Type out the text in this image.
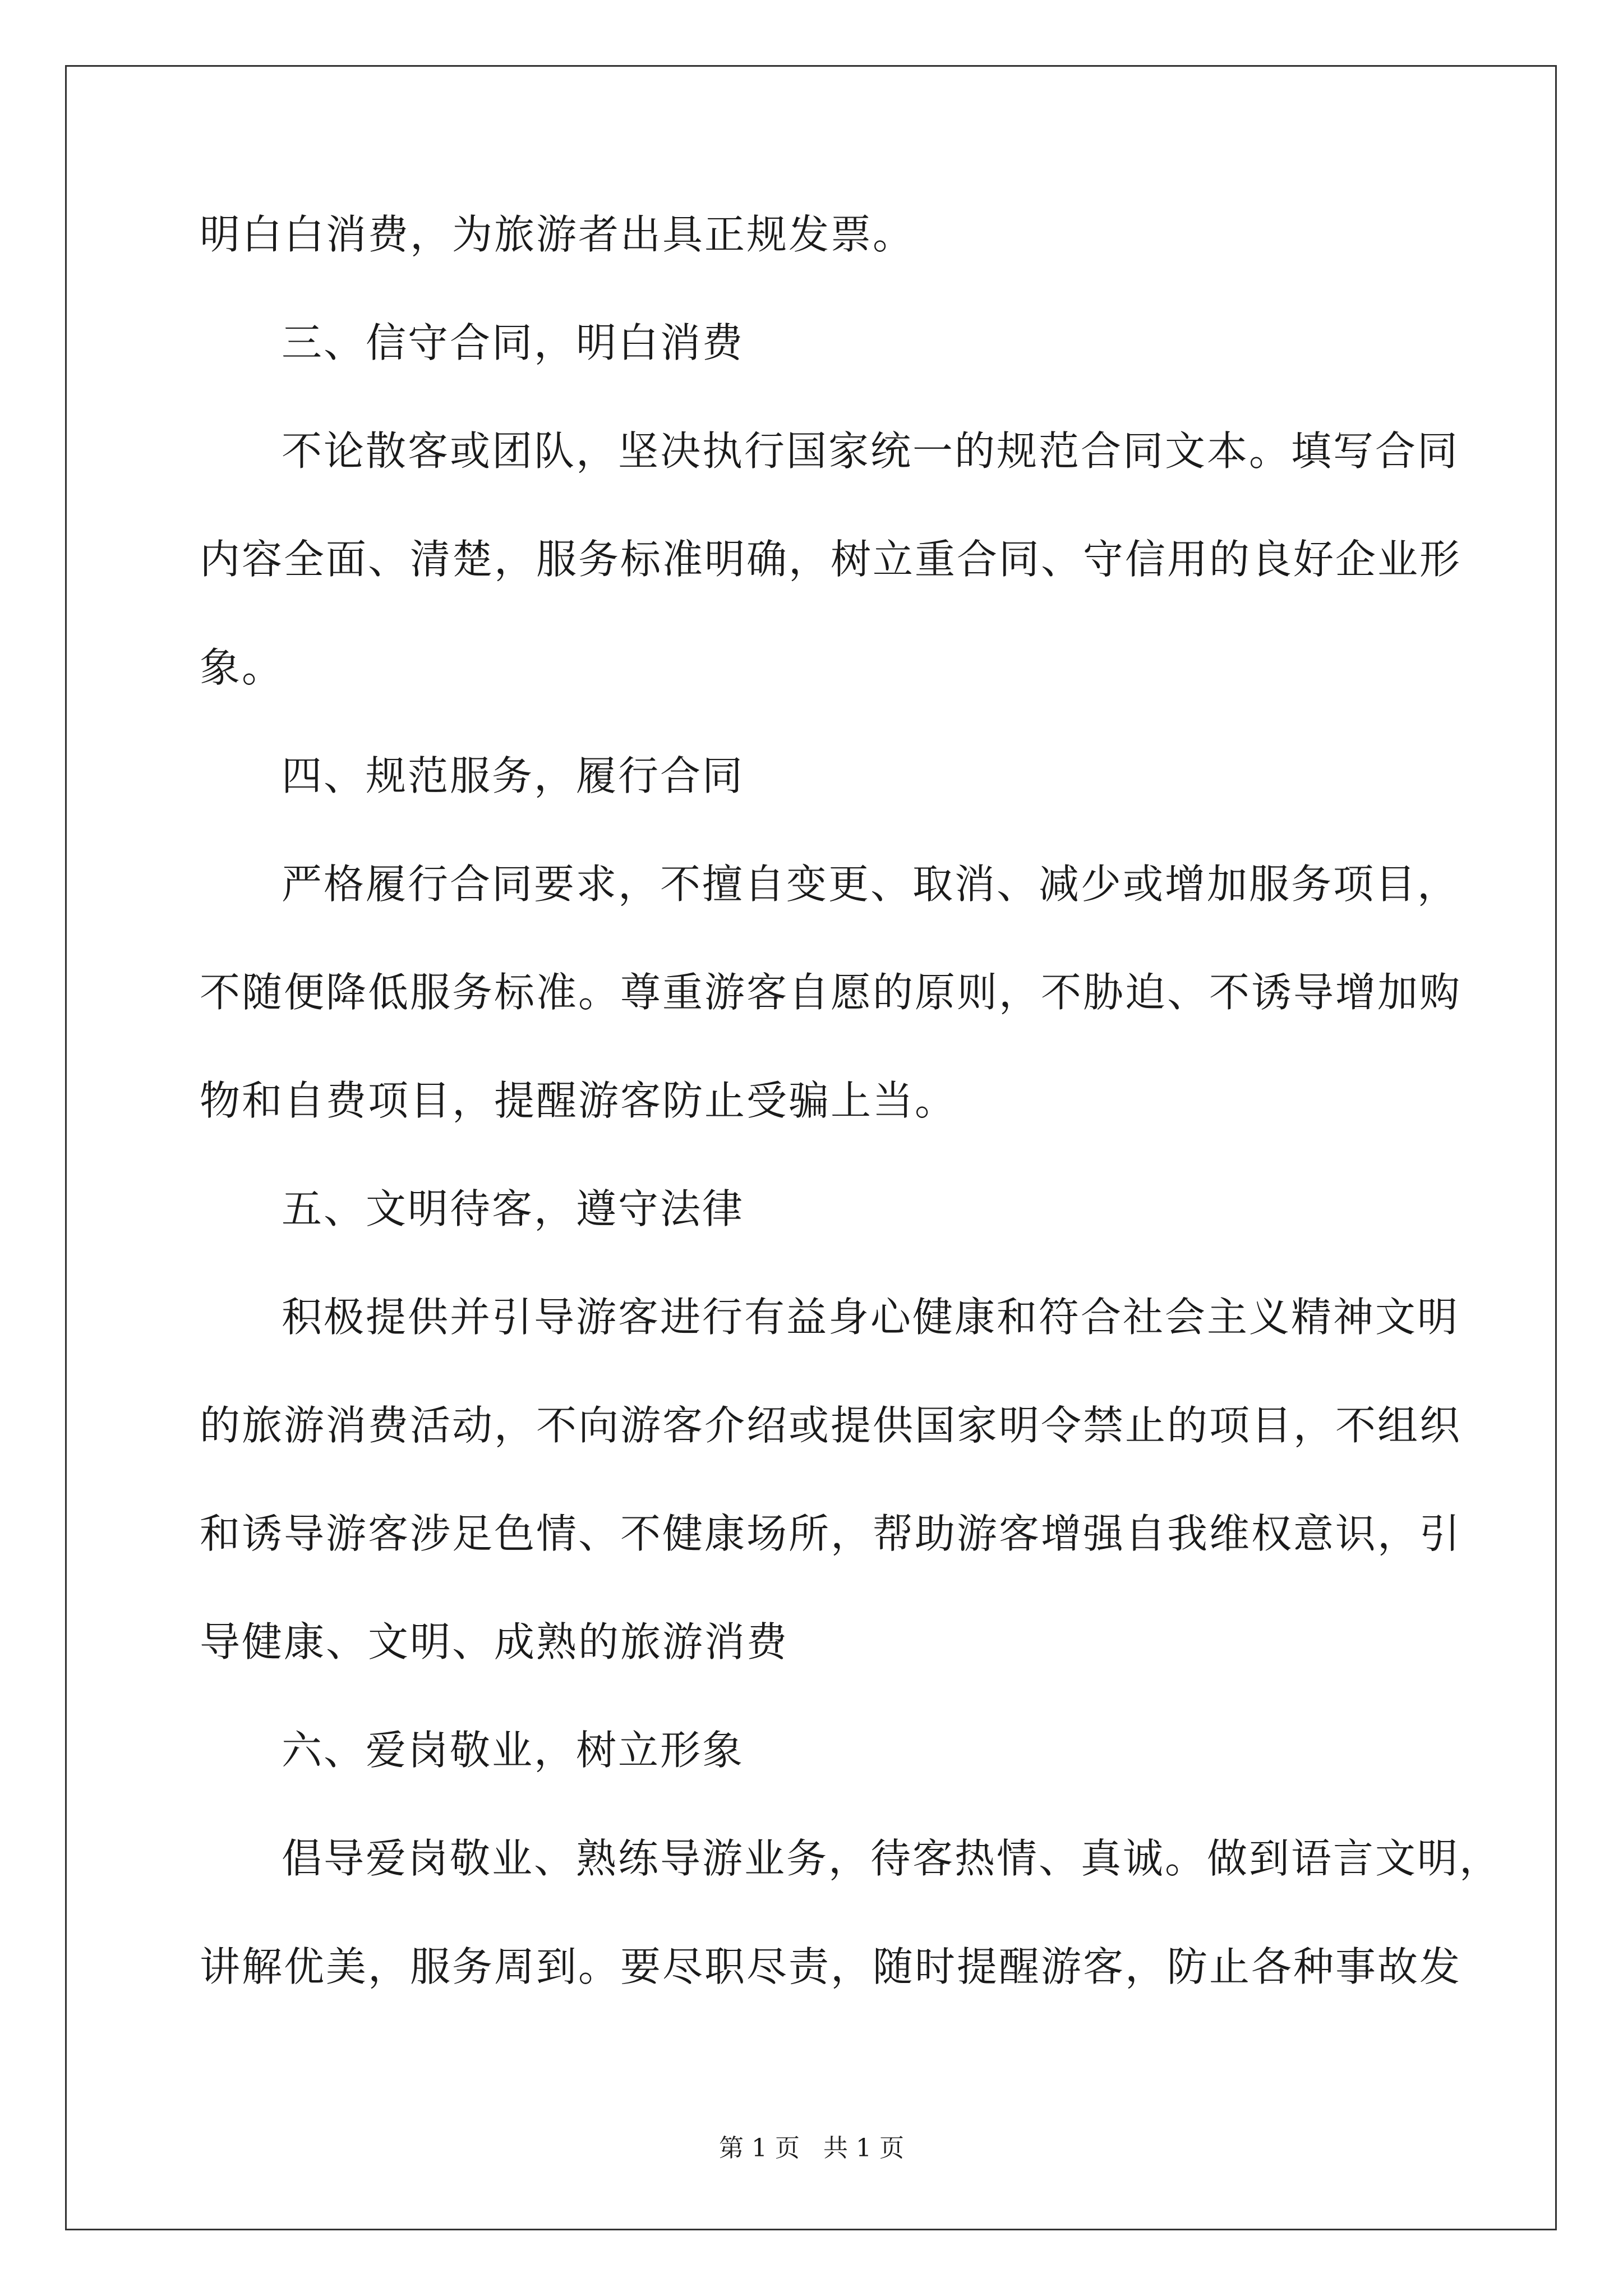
明白白消费，为旅游者出具正规发票。
三、信守合同，明白消费
不论散客或团队，坚决执行国家统一的规范合同文本。填写合同
内容全面、清楚，服务标准明确，树立重合同、守信用的良好企业形
象。
四、规范服务，履行合同
严格履行合同要求，不擅自变更、取消、减少或增加服务项目，
不随便降低服务标准。尊重游客自愿的原则，不胁迫、不诱导增加购
物和自费项目，提醒游客防止受骗上当。
五、文明待客，遵守法律
积极提供并引导游客进行有益身心健康和符合社会主义精神文明
的旅游消费活动，不向游客介绍或提供国家明令禁止的项目，不组织
和诱导游客涉足色情、不健康场所，帮助游客增强自我维权意识，引
导健康、文明、成熟的旅游消费
六、爱岗敬业，树立形象
倡导爱岗敬业、熟练导游业务，待客热情、真诚。做到语言文明，
讲解优美，服务周到。要尽职尽责，随时提醒游客，防止各种事故发
第 1 页   共 1 页
